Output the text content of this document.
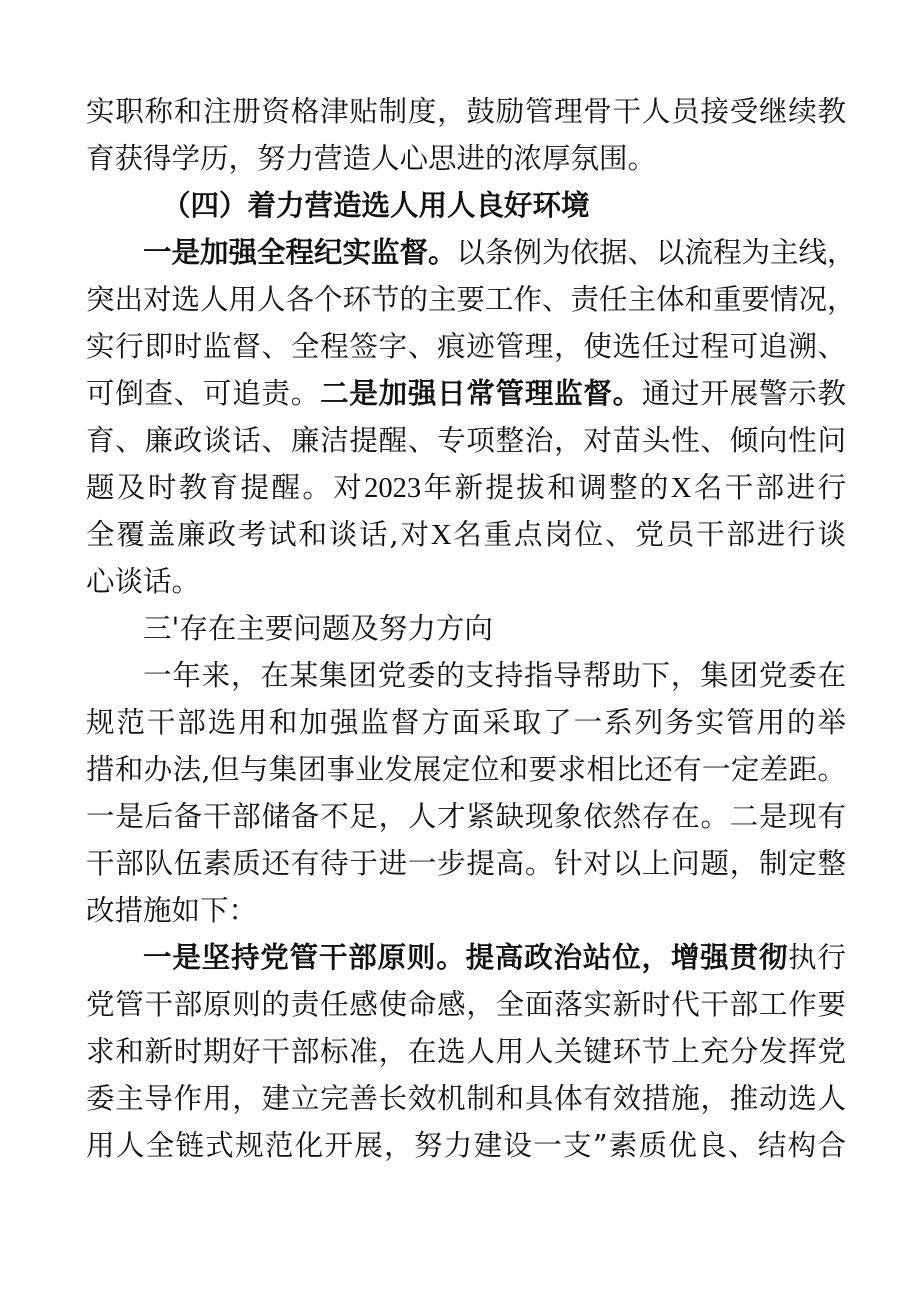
实职称和注册资格津贴制度，鼓励管理骨干人员接受继续教
育获得学历，努力营造人心思进的浓厚氛围。
（四）着力营造选人用人良好环境
一是加强全程纪实监督。以条例为依据、以流程为主线，
突出对选人用人各个环节的主要工作、责任主体和重要情况，
实行即时监督、全程签字、痕迹管理，使选任过程可追溯、
可倒查、可追责。二是加强日常管理监督。通过开展警示教
育、廉政谈话、廉洁提醒、专项整治，对苗头性、倾向性问
题及时教育提醒。对2023年新提拔和调整的X名干部进行
全覆盖廉政考试和谈话,对X名重点岗位、党员干部进行谈
心谈话。
三'存在主要问题及努力方向
一年来，在某集团党委的支持指导帮助下，集团党委在
规范干部选用和加强监督方面采取了一系列务实管用的举
措和办法,但与集团事业发展定位和要求相比还有一定差距。
一是后备干部储备不足，人才紧缺现象依然存在。二是现有
干部队伍素质还有待于进一步提高。针对以上问题，制定整
改措施如下：
一是坚持党管干部原则。提高政治站位，增强贯彻执行
党管干部原则的责任感使命感，全面落实新时代干部工作要
求和新时期好干部标准，在选人用人关键环节上充分发挥党
委主导作用，建立完善长效机制和具体有效措施，推动选人
用人全链式规范化开展，努力建设一支”素质优良、结构合
